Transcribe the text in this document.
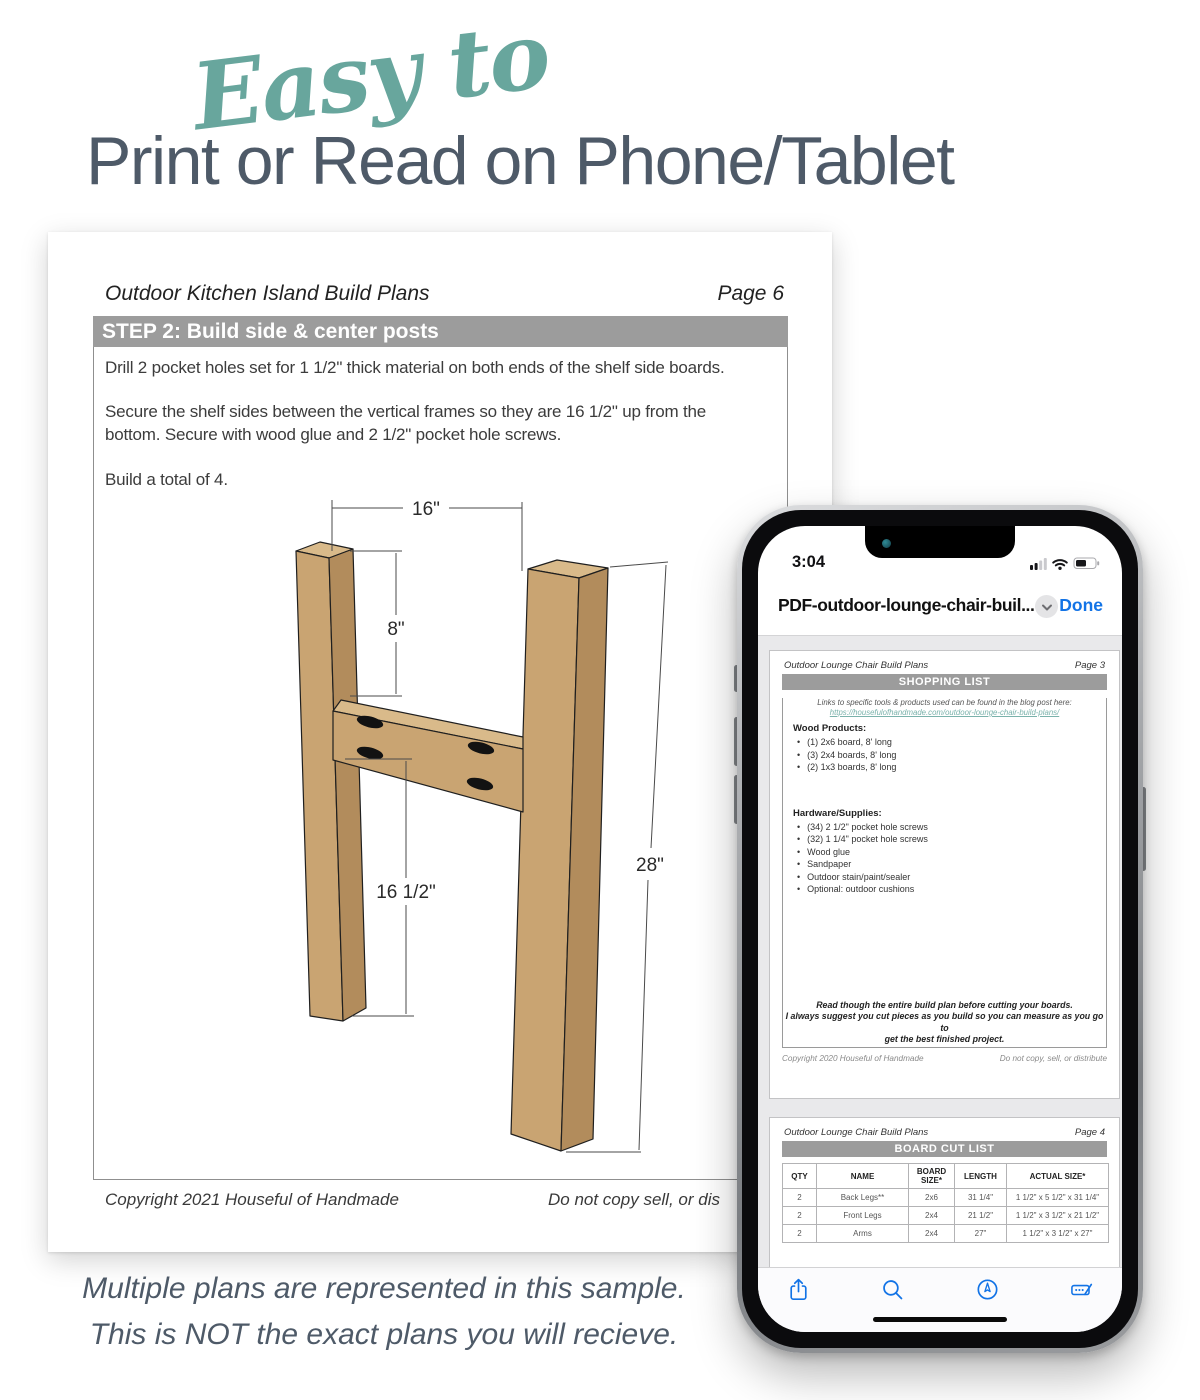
Easy to
Print or Read on Phone/Tablet
Outdoor Kitchen Island Build Plans	Page 6
STEP 2: Build side & center posts
Drill 2 pocket holes set for 1 1/2" thick material on both ends of the shelf side boards.
Secure the shelf sides between the vertical frames so they are 16 1/2" up from the
bottom. Secure with wood glue and 2 1/2" pocket hole screws.
Build a total of 4.
16"
8"
16 1/2"
28"
Copyright 2021 Houseful of Handmade	Do not copy sell, or dis
Multiple plans are represented in this sample.
This is NOT the exact plans you will recieve.
3:04
PDF-outdoor-lounge-chair-buil... Done
Outdoor Lounge Chair Build Plans	Page 3
SHOPPING LIST
Links to specific tools & products used can be found in the blog post here:
https://housefulofhandmade.com/outdoor-lounge-chair-build-plans/
Wood Products:
• (1) 2x6 board, 8' long
• (3) 2x4 boards, 8' long
• (2) 1x3 boards, 8' long
Hardware/Supplies:
• (34) 2 1/2" pocket hole screws
• (32) 1 1/4" pocket hole screws
• Wood glue
• Sandpaper
• Outdoor stain/paint/sealer
• Optional: outdoor cushions
Read though the entire build plan before cutting your boards.
I always suggest you cut pieces as you build so you can measure as you go to
get the best finished project.
Copyright 2020 Houseful of Handmade	Do not copy, sell, or distribute
Outdoor Lounge Chair Build Plans	Page 4
BOARD CUT LIST
QTY	NAME	BOARD SIZE*	LENGTH	ACTUAL SIZE*
2	Back Legs**	2x6	31 1/4"	1 1/2" x 5 1/2" x 31 1/4"
2	Front Legs	2x4	21 1/2"	1 1/2" x 3 1/2" x 21 1/2"
2	Arms	2x4	27"	1 1/2" x 3 1/2" x 27"
